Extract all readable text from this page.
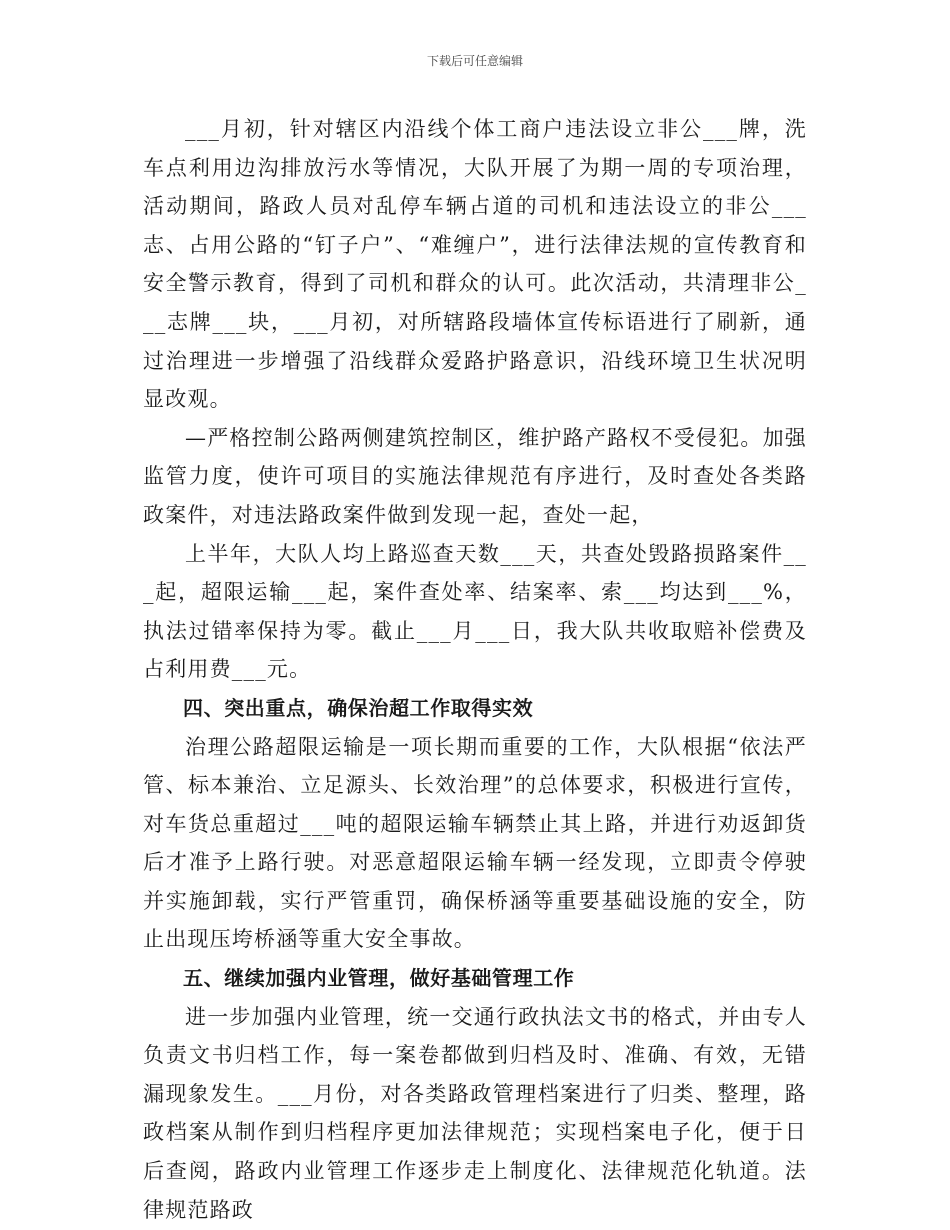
下载后可任意编辑

___月初，针对辖区内沿线个体工商户违法设立非公___牌，洗车点利用边沟排放污水等情况，大队开展了为期一周的专项治理，活动期间，路政人员对乱停车辆占道的司机和违法设立的非公___志、占用公路的“钉子户”、“难缠户”，进行法律法规的宣传教育和安全警示教育，得到了司机和群众的认可。此次活动，共清理非公___志牌___块，___月初，对所辖路段墙体宣传标语进行了刷新，通过治理进一步增强了沿线群众爱路护路意识，沿线环境卫生状况明显改观。

—严格控制公路两侧建筑控制区，维护路产路权不受侵犯。加强监管力度，使许可项目的实施法律规范有序进行，及时查处各类路政案件，对违法路政案件做到发现一起，查处一起，

上半年，大队人均上路巡查天数___天，共查处毁路损路案件___起，超限运输___起，案件查处率、结案率、索___均达到___%，执法过错率保持为零。截止___月___日，我大队共收取赔补偿费及占利用费___元。

四、突出重点，确保治超工作取得实效

治理公路超限运输是一项长期而重要的工作，大队根据“依法严管、标本兼治、立足源头、长效治理”的总体要求，积极进行宣传，对车货总重超过___吨的超限运输车辆禁止其上路，并进行劝返卸货后才准予上路行驶。对恶意超限运输车辆一经发现，立即责令停驶并实施卸载，实行严管重罚，确保桥涵等重要基础设施的安全，防止出现压垮桥涵等重大安全事故。

五、继续加强内业管理，做好基础管理工作

进一步加强内业管理，统一交通行政执法文书的格式，并由专人负责文书归档工作，每一案卷都做到归档及时、准确、有效，无错漏现象发生。___月份，对各类路政管理档案进行了归类、整理，路政档案从制作到归档程序更加法律规范；实现档案电子化，便于日后查阅，路政内业管理工作逐步走上制度化、法律规范化轨道。法律规范路政
